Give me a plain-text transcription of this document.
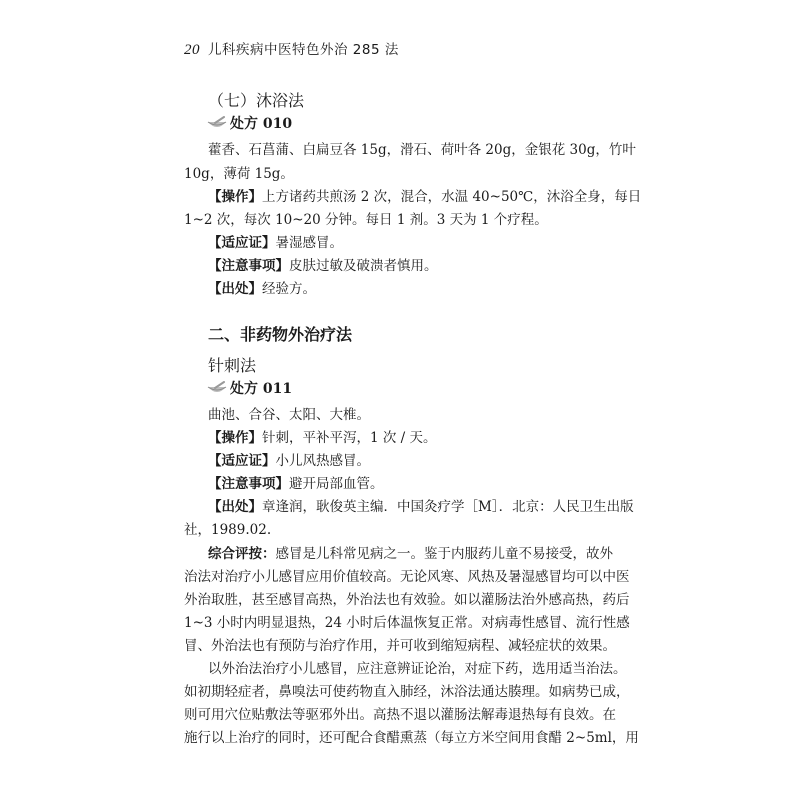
20 儿科疾病中医特色外治 285 法
（七）沐浴法
处方 010
藿香、石菖蒲、白扁豆各 15g，滑石、荷叶各 20g，金银花 30g，竹叶
10g，薄荷 15g。
【操作】上方诸药共煎汤 2 次，混合，水温 40~50℃，沐浴全身，每日
1~2 次，每次 10~20 分钟。每日 1 剂。3 天为 1 个疗程。
【适应证】暑湿感冒。
【注意事项】皮肤过敏及破溃者慎用。
【出处】经验方。
二、非药物外治疗法
针刺法
处方 011
曲池、合谷、太阳、大椎。
【操作】针刺，平补平泻，1 次 / 天。
【适应证】小儿风热感冒。
【注意事项】避开局部血管。
【出处】章逢润，耿俊英主编．中国灸疗学［M］．北京：人民卫生出版
社，1989.02.
综合评按：感冒是儿科常见病之一。鉴于内服药儿童不易接受，故外
治法对治疗小儿感冒应用价值较高。无论风寒、风热及暑湿感冒均可以中医
外治取胜，甚至感冒高热，外治法也有效验。如以灌肠法治外感高热，药后
1~3 小时内明显退热，24 小时后体温恢复正常。对病毒性感冒、流行性感
冒、外治法也有预防与治疗作用，并可收到缩短病程、减轻症状的效果。
以外治法治疗小儿感冒，应注意辨证论治，对症下药，选用适当治法。
如初期轻症者，鼻嗅法可使药物直入肺经，沐浴法通达腠理。如病势已成，
则可用穴位贴敷法等驱邪外出。高热不退以灌肠法解毒退热每有良效。在
施行以上治疗的同时，还可配合食醋熏蒸（每立方米空间用食醋 2~5ml，用
